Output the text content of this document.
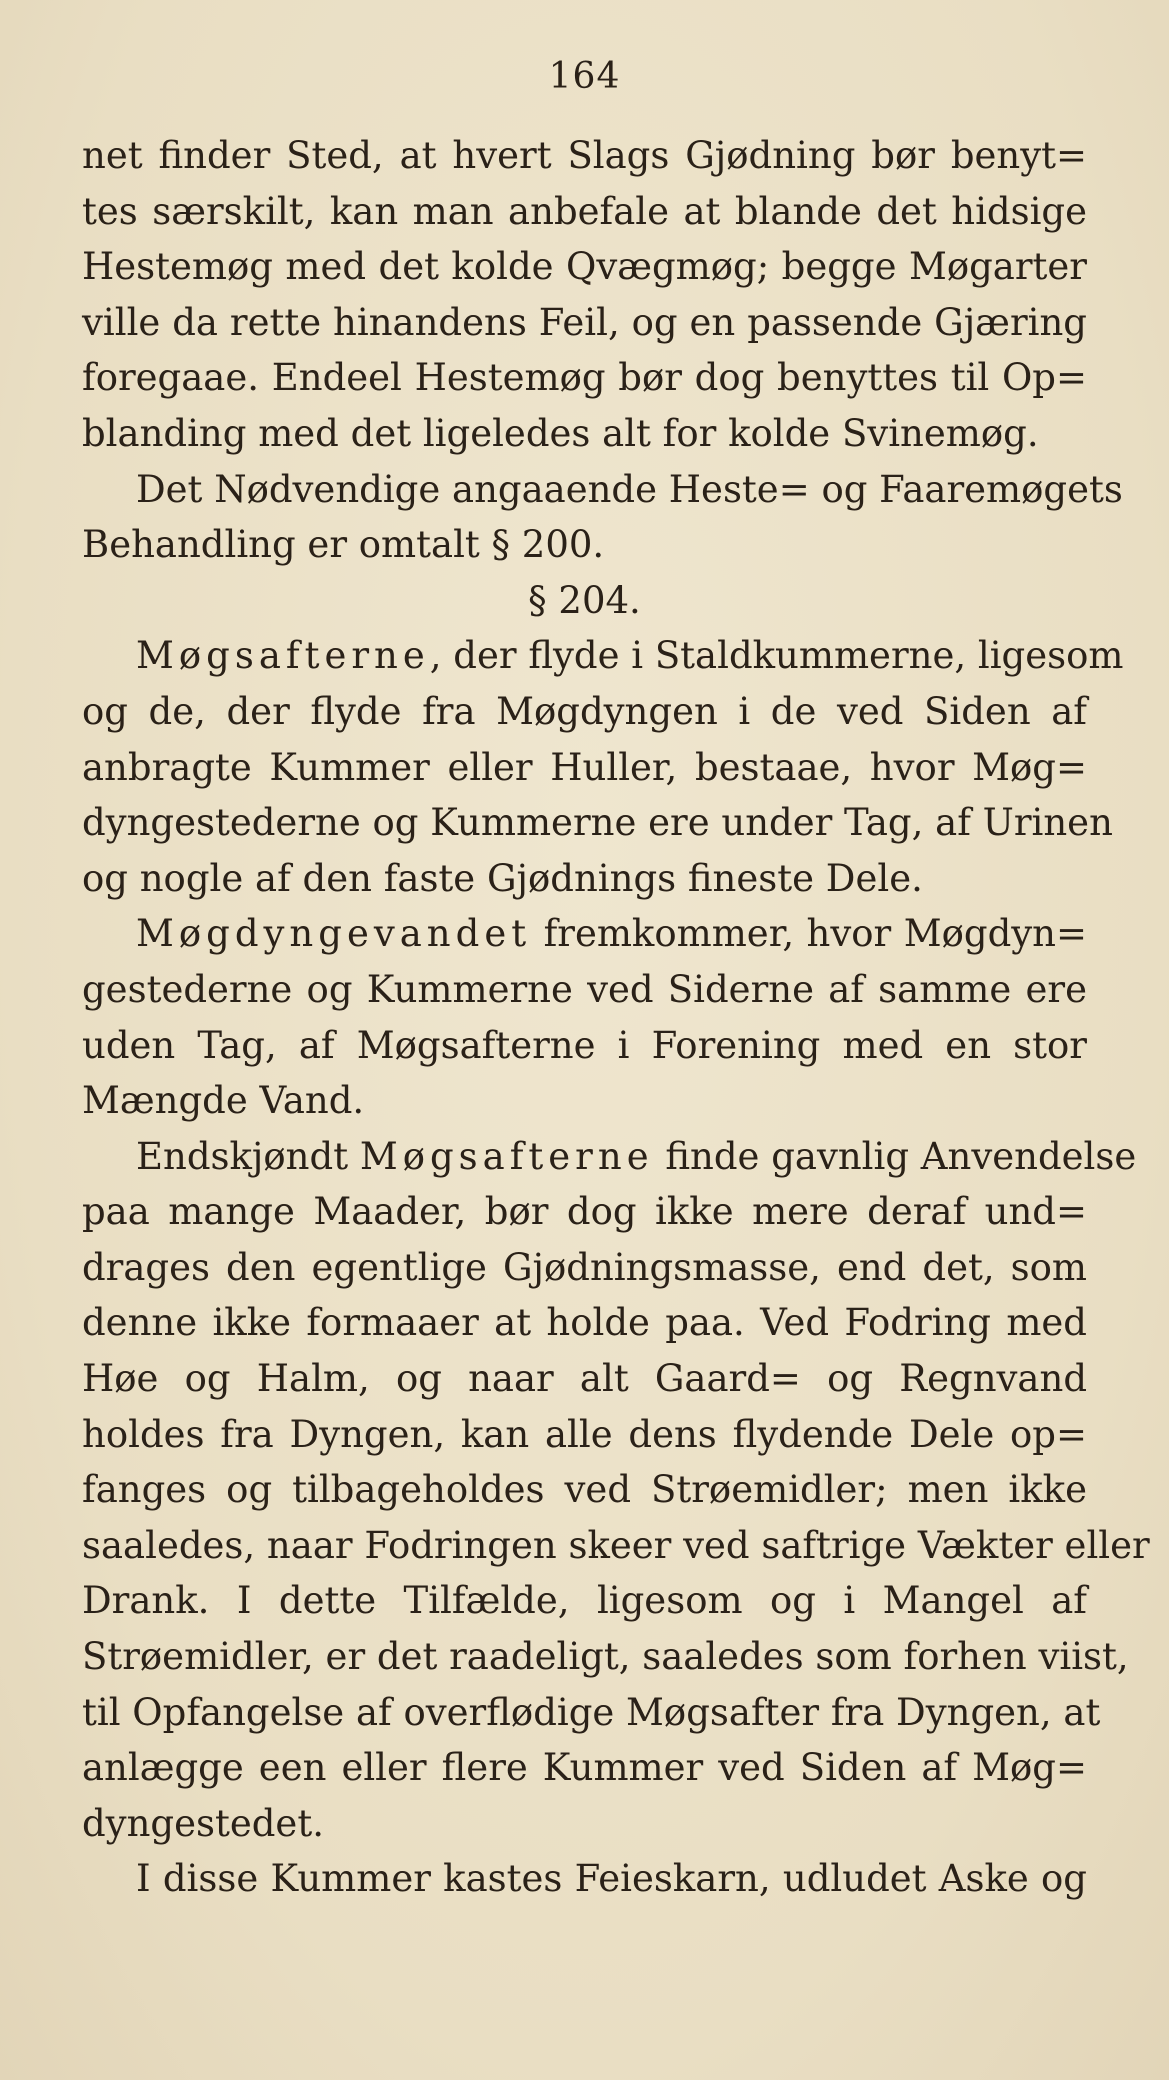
164
net finder Sted, at hvert Slags Gjødning bør benyt=
tes særskilt, kan man anbefale at blande det hidsige
Hestemøg med det kolde Qvægmøg; begge Møgarter
ville da rette hinandens Feil, og en passende Gjæring
foregaae. Endeel Hestemøg bør dog benyttes til Op=
blanding med det ligeledes alt for kolde Svinemøg.
Det Nødvendige angaaende Heste= og Faaremøgets
Behandling er omtalt § 200.
§ 204.
Møgsafterne, der flyde i Staldkummerne, ligesom
og de, der flyde fra Møgdyngen i de ved Siden af
anbragte Kummer eller Huller, bestaae, hvor Møg=
dyngestederne og Kummerne ere under Tag, af Urinen
og nogle af den faste Gjødnings fineste Dele.
Møgdyngevandet fremkommer, hvor Møgdyn=
gestederne og Kummerne ved Siderne af samme ere
uden Tag, af Møgsafterne i Forening med en stor
Mængde Vand.
Endskjøndt Møgsafterne finde gavnlig Anvendelse
paa mange Maader, bør dog ikke mere deraf und=
drages den egentlige Gjødningsmasse, end det, som
denne ikke formaaer at holde paa. Ved Fodring med
Høe og Halm, og naar alt Gaard= og Regnvand
holdes fra Dyngen, kan alle dens flydende Dele op=
fanges og tilbageholdes ved Strøemidler; men ikke
saaledes, naar Fodringen skeer ved saftrige Vækter eller
Drank. I dette Tilfælde, ligesom og i Mangel af
Strøemidler, er det raadeligt, saaledes som forhen viist,
til Opfangelse af overflødige Møgsafter fra Dyngen, at
anlægge een eller flere Kummer ved Siden af Møg=
dyngestedet.
I disse Kummer kastes Feieskarn, udludet Aske og
